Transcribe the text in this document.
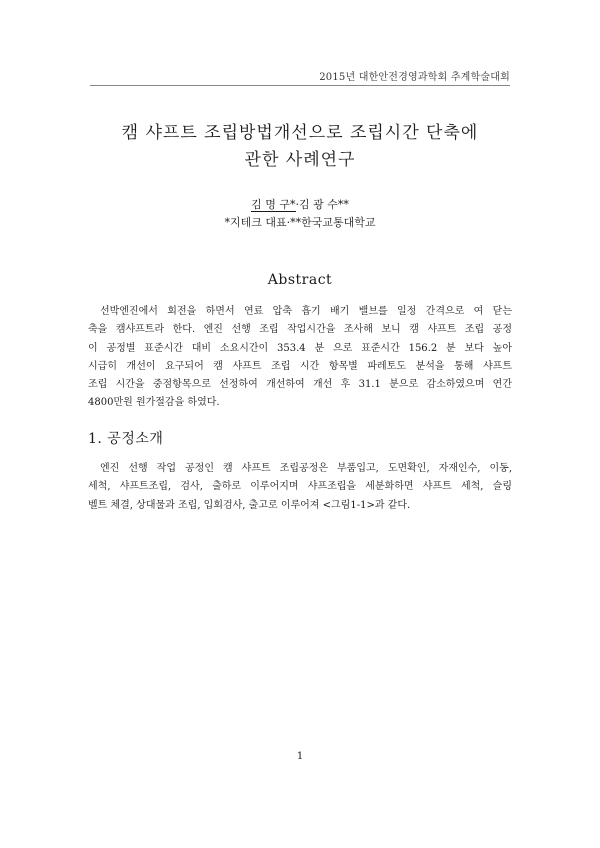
2015년 대한안전경영과학회 추계학술대회
캠 샤프트 조립방법개선으로 조립시간 단축에
관한 사례연구
김 명 구*·김 광 수**
*지테크 대표·**한국교통대학교
Abstract
선박엔진에서 회전을 하면서 연료 압축 흡기 배기 밸브를 일정 간격으로 여 닫는
축을 캠샤프트라 한다. 엔진 선행 조립 작업시간을 조사해 보니 캠 샤프트 조립 공정
이 공정별 표준시간 대비 소요시간이 353.4 분 으로 표준시간 156.2 분 보다 높아
시급히 개선이 요구되어 캠 샤프트 조립 시간 항목별 파레토도 분석을 통해 샤프트
조립 시간을 중점항목으로 선정하여 개선하여 개선 후 31.1 분으로 감소하였으며 연간
4800만원 원가절감을 하였다.
1. 공정소개
엔진 선행 작업 공정인 캠 샤프트 조립공정은 부품입고, 도면확인, 자재인수, 이동,
세척, 샤프트조립, 검사, 출하로 이루어지며 샤프조립을 세분화하면 샤프트 세척, 슬링
벨트 체결, 상대물과 조립, 입회검사, 출고로 이루어져 <그림1-1>과 같다.
1
